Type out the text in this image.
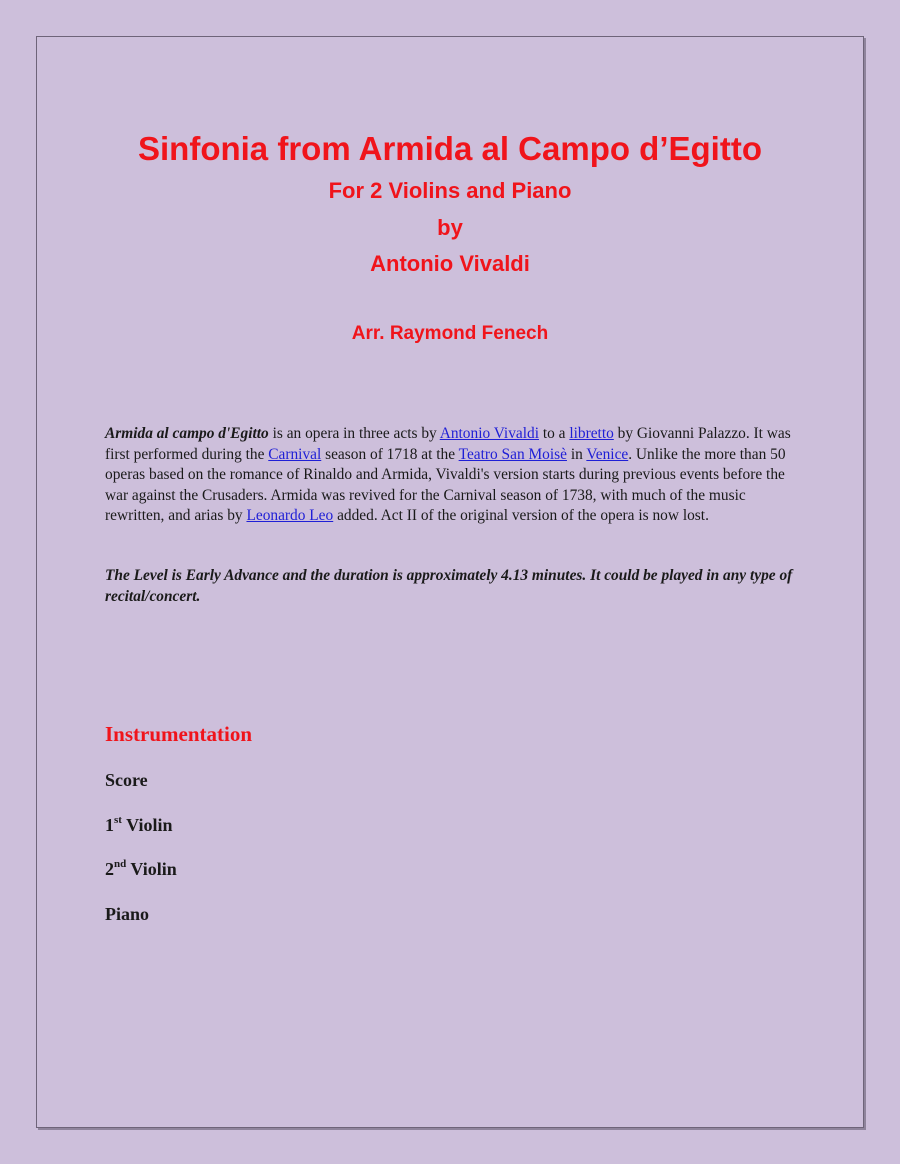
Sinfonia from Armida al Campo d’Egitto
For 2 Violins and Piano
by
Antonio Vivaldi
Arr. Raymond Fenech

Armida al campo d'Egitto is an opera in three acts by Antonio Vivaldi to a libretto by Giovanni Palazzo. It was first performed during the Carnival season of 1718 at the Teatro San Moisè in Venice. Unlike the more than 50 operas based on the romance of Rinaldo and Armida, Vivaldi's version starts during previous events before the war against the Crusaders. Armida was revived for the Carnival season of 1738, with much of the music rewritten, and arias by Leonardo Leo added. Act II of the original version of the opera is now lost.

The Level is Early Advance and the duration is approximately 4.13 minutes. It could be played in any type of recital/concert.

Instrumentation
Score
1st Violin
2nd Violin
Piano
